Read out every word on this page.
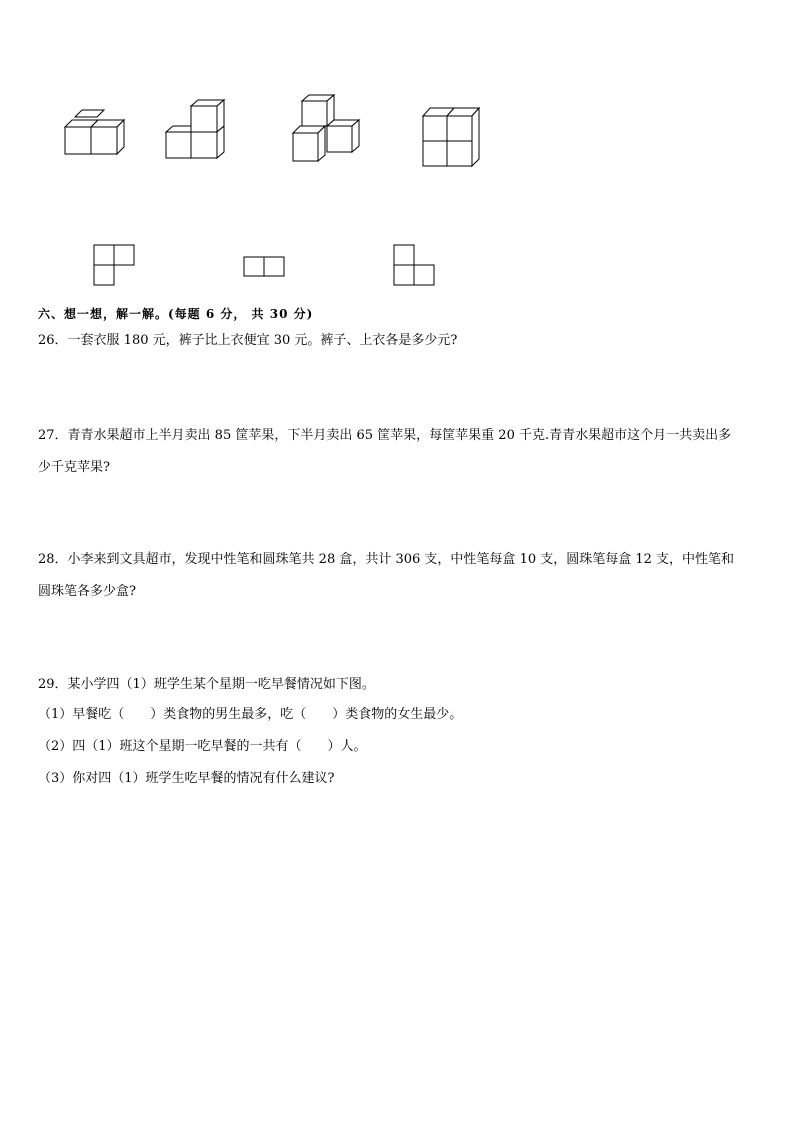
六、想一想，解一解。(每题 6 分， 共 30 分)
26．一套衣服 180 元，裤子比上衣便宜 30 元。裤子、上衣各是多少元?
27．青青水果超市上半月卖出 85 筐苹果，下半月卖出 65 筐苹果，每筐苹果重 20 千克.青青水果超市这个月一共卖出多
少千克苹果?
28．小李来到文具超市，发现中性笔和圆珠笔共 28 盒，共计 306 支，中性笔每盒 10 支，圆珠笔每盒 12 支，中性笔和
圆珠笔各多少盒?
29．某小学四（1）班学生某个星期一吃早餐情况如下图。
（1）早餐吃（　　）类食物的男生最多，吃（　　）类食物的女生最少。
（2）四（1）班这个星期一吃早餐的一共有（　　）人。
（3）你对四（1）班学生吃早餐的情况有什么建议?
